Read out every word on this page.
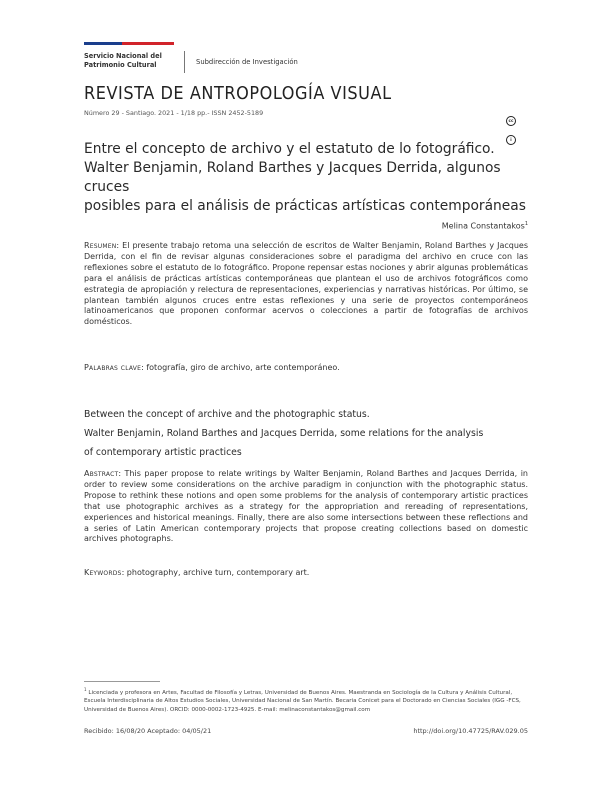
Servicio Nacional del
Patrimonio Cultural	Subdirección de Investigación
REVISTA DE ANTROPOLOGÍA VISUAL
Número 29 - Santiago. 2021 - 1/18 pp.- ISSN 2452-5189
cci
Entre el concepto de archivo y el estatuto de lo fotográfico.
Walter Benjamin, Roland Barthes y Jacques Derrida, algunos cruces
posibles para el análisis de prácticas artísticas contemporáneas
Melina Constantakos$^1$
Resumen: El presente trabajo retoma una selección de escritos de Walter Benjamin, Roland Barthes y Jacques Derrida, con el fin de revisar algunas consideraciones sobre el paradigma del archivo en cruce con las reflexiones sobre el estatuto de lo fotográfico. Propone repensar estas nociones y abrir algunas problemáticas para el análisis de prácticas artísticas contemporáneas que plantean el uso de archivos fotográficos como estrategia de apropiación y relectura de representaciones, experiencias y narrativas históricas. Por último, se plantean también algunos cruces entre estas reflexiones y una serie de proyectos contemporáneos latinoamericanos que proponen conformar acervos o colecciones a partir de fotografías de archivos domésticos.
Palabras clave: fotografía, giro de archivo, arte contemporáneo.
Between the concept of archive and the photographic status.
Walter Benjamin, Roland Barthes and Jacques Derrida, some relations for the analysis
of contemporary artistic practices
Abstract: This paper propose to relate writings by Walter Benjamin, Roland Barthes and Jacques Derrida, in order to review some considerations on the archive paradigm in conjunction with the photographic status. Propose to rethink these notions and open some problems for the analysis of contemporary artistic practices that use photographic archives as a strategy for the appropriation and rereading of representations, experiences and historical meanings. Finally, there are also some intersections between these reflections and a series of Latin American contemporary projects that propose creating collections based on domestic archives photographs.
Keywords: photography, archive turn, contemporary art.
$^1$ Licenciada y profesora en Artes, Facultad de Filosofía y Letras, Universidad de Buenos Aires. Maestranda en Sociología de la Cultura y Análisis Cultural, Escuela Interdisciplinaria de Altos Estudios Sociales, Universidad Nacional de San Martín. Becaria Conicet para el Doctorado en Ciencias Sociales (IGG -FCS, Universidad de Buenos Aires). ORCID: 0000-0002-1723-4925. E-mail: melinaconstantakos@gmail.com
Recibido: 16/08/20 Aceptado: 04/05/21	http://doi.org/10.47725/RAV.029.05
